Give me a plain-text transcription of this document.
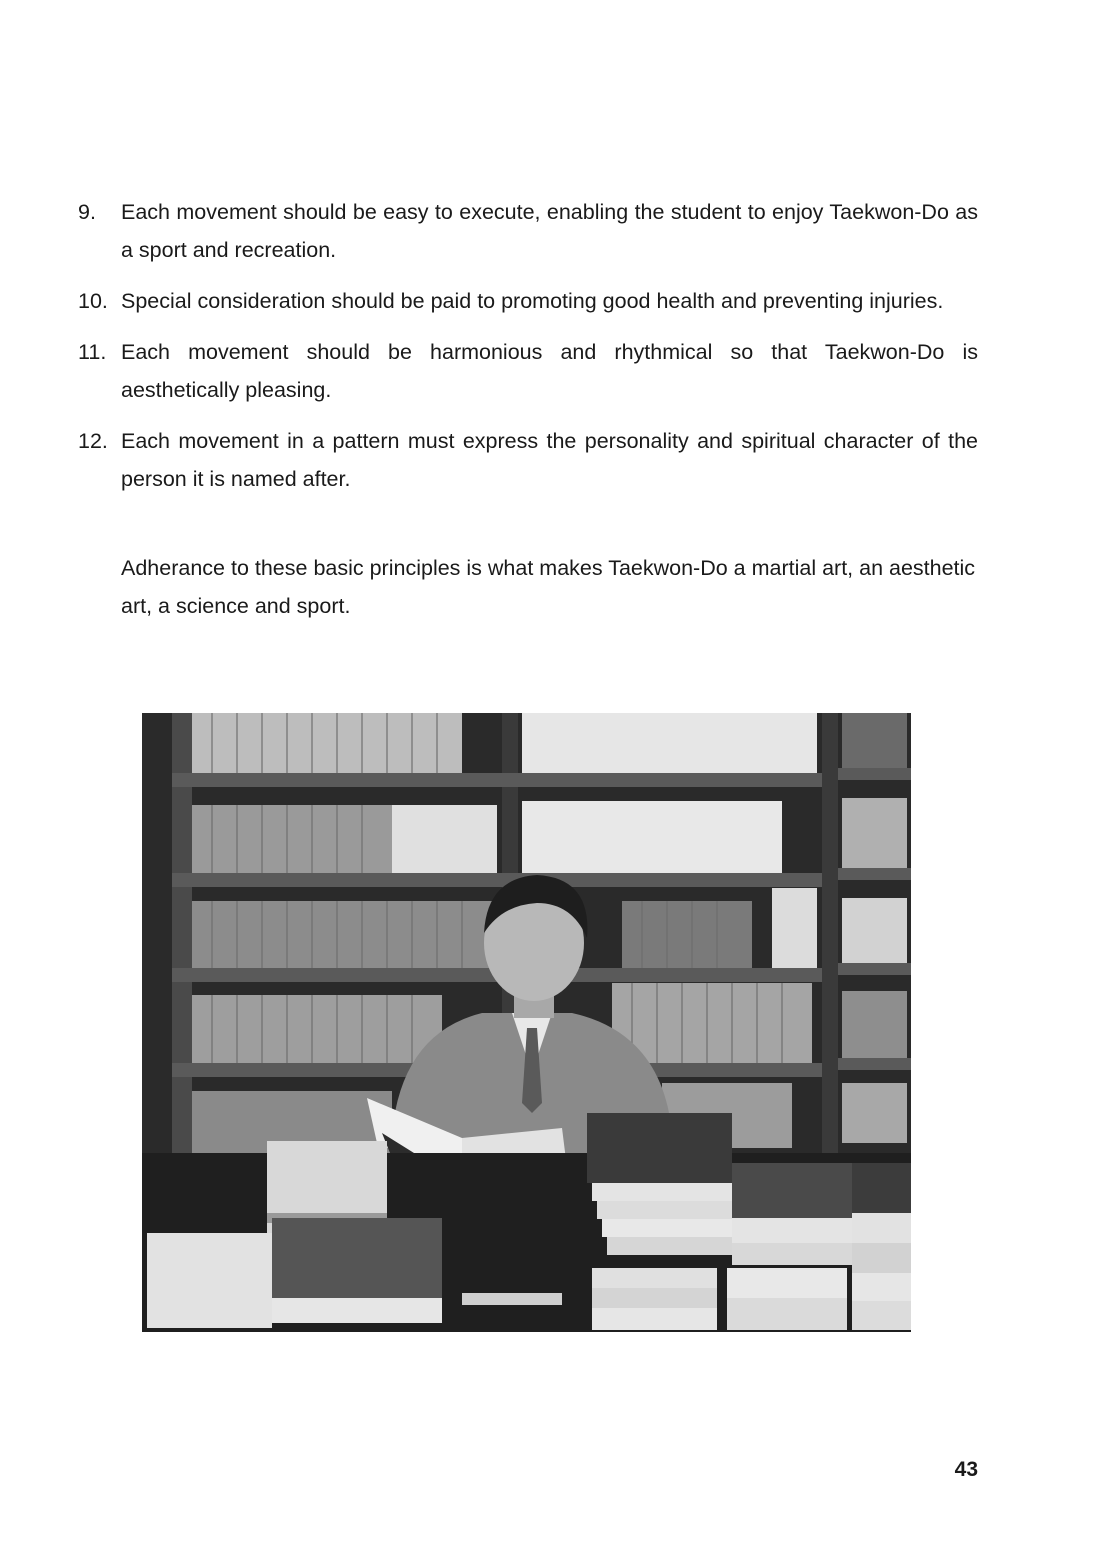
9.	Each movement should be easy to execute, enabling the student to enjoy Taekwon-Do as a sport and recreation.
10. Special consideration should be paid to promoting good health and preventing injuries.
11. Each movement should be harmonious and rhythmical so that Taekwon-Do is aesthetically pleasing.
12. Each movement in a pattern must express the personality and spiritual character of the person it is named after.

Adherance to these basic principles is what makes Taekwon-Do a martial art, an aesthetic art, a science and sport.

43
